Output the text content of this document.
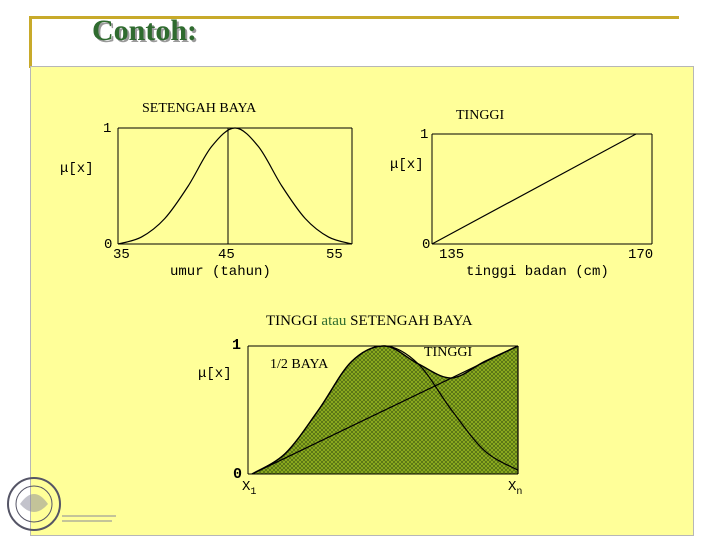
Contoh:
SETENGAH BAYA
1
μ[x]
0
35	45	55
umur (tahun)
TINGGI
1
μ[x]
0
135	170
tinggi badan (cm)
TINGGI atau SETENGAH BAYA
1/2 BAYA
TINGGI
1
μ[x]
0
$X_1$	$X_n$
